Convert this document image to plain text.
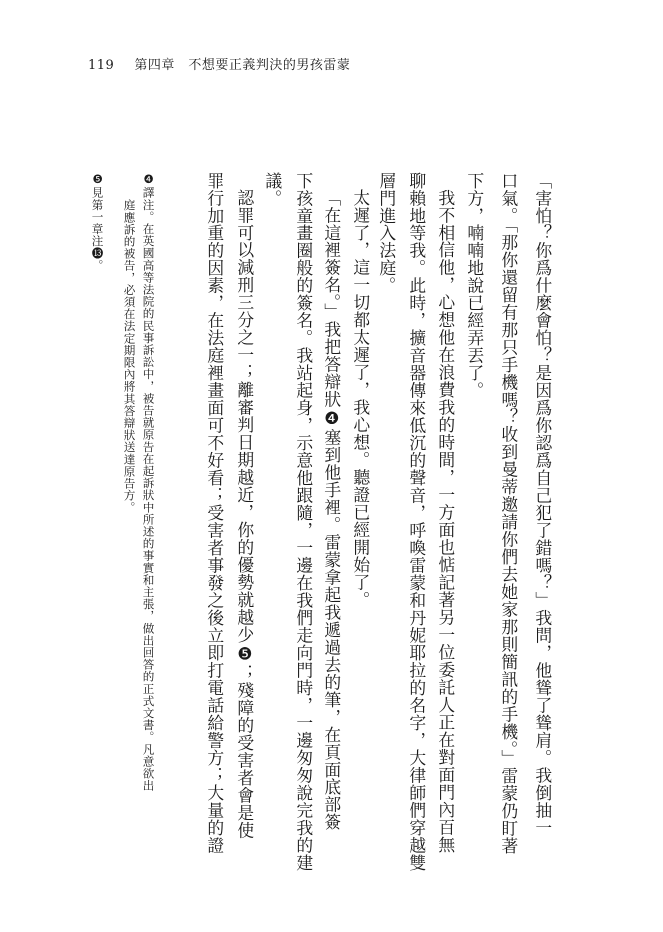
119 第四章　不想要正義判決的男孩雷蒙
「害怕？你爲什麼會怕？是因爲你認爲自己犯了錯嗎？」我問，他聳了聳肩。我倒抽一
口氣。「那你還留有那只手機嗎？收到曼蒂邀請你們去她家那則簡訊的手機。」雷蒙仍盯著
下方，喃喃地說已經弄丟了。
我不相信他，心想他在浪費我的時間，一方面也惦記著另一位委託人正在對面門內百無
聊賴地等我。此時，擴音器傳來低沉的聲音，呼喚雷蒙和丹妮耶拉的名字，大律師們穿越雙
層門進入法庭。
太遲了，這一切都太遲了，我心想。聽證已經開始了。
「在這裡簽名。」我把答辯狀❹塞到他手裡。雷蒙拿起我遞過去的筆，在頁面底部簽
下孩童畫圈般的簽名。我站起身，示意他跟隨，一邊在我們走向門時，一邊匆匆說完我的建
議。
認罪可以減刑三分之一；離審判日期越近，你的優勢就越少❺；殘障的受害者會是使
罪行加重的因素，在法庭裡畫面可不好看；受害者事發之後立即打電話給警方；大量的證
❹譯注。在英國高等法院的民事訴訟中，被告就原告在起訴狀中所述的事實和主張，做出回答的正式文書。凡意欲出
庭應訴的被告，必須在法定期限內將其答辯狀送達原告方。
❺見第一章注⓭。
